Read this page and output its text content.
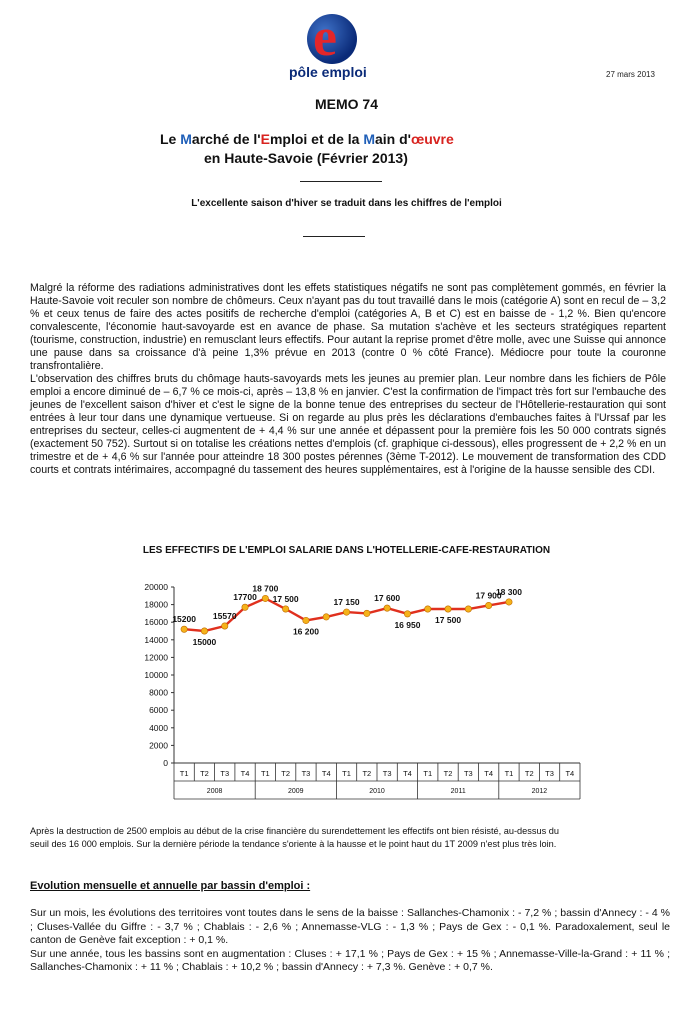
e
pôle emploi	27 mars 2013
MEMO 74
Le Marché de l'Emploi et de la Main d'œuvre
en Haute-Savoie (Février 2013)
L'excellente saison d'hiver se traduit dans les chiffres de l'emploi

Malgré la réforme des radiations administratives dont les effets statistiques négatifs ne sont pas complètement gommés, en février la Haute-Savoie voit reculer son nombre de chômeurs. Ceux n'ayant pas du tout travaillé dans le mois (catégorie A) sont en recul de – 3,2 % et ceux tenus de faire des actes positifs de recherche d'emploi (catégories A, B et C) est en baisse de - 1,2 %. Bien qu'encore convalescente, l'économie haut-savoyarde est en avance de phase. Sa mutation s'achève et les secteurs stratégiques repartent (tourisme, construction, industrie) en remusclant leurs effectifs. Pour autant la reprise promet d'être molle, avec une Suisse qui annonce une pause dans sa croissance d'à peine 1,3% prévue en 2013 (contre 0 % côté France). Médiocre pour toute la couronne transfrontalière.

L'observation des chiffres bruts du chômage hauts-savoyards mets les jeunes au premier plan. Leur nombre dans les fichiers de Pôle emploi a encore diminué de – 6,7 % ce mois-ci, après – 13,8 % en janvier. C'est la confirmation de l'impact très fort sur l'embauche des jeunes de l'excellent saison d'hiver et c'est le signe de la bonne tenue des entreprises du secteur de l'Hôtellerie-restauration qui sont entrées à leur tour dans une dynamique vertueuse. Si on regarde au plus près les déclarations d'embauches faites à l'Urssaf par les entreprises du secteur, celles-ci augmentent de + 4,4 % sur une année et dépassent pour la première fois les 50 000 contrats signés (exactement 50 752). Surtout si on totalise les créations nettes d'emplois (cf. graphique ci-dessous), elles progressent de + 2,2 % en un trimestre et de + 4,6 % sur l'année pour atteindre 18 300 postes pérennes (3ème T-2012). Le mouvement de transformation des CDD courts et contrats intérimaires, accompagné du tassement des heures supplémentaires, est à l'origine de la hausse sensible des CDI.

LES EFFECTIFS DE L'EMPLOI SALARIE DANS L'HOTELLERIE-CAFE-RESTAURATION
0
2000
4000
6000
8000
10000
12000
14000
16000
18000
20000
T1 T2 T3 T4 T1 T2 T3 T4 T1 T2 T3 T4 T1 T2 T3 T4 T1 T2 T3 T4
2008	2009	2010	2011	2012
15200
15000
15570
17700
18 700
17 500
16 200
17 150 17 600
16 950 17 500
17 900
18 300

Après la destruction de 2500 emplois au début de la crise financière du surendettement les effectifs ont bien résisté, au-dessus du

seuil des 16 000 emplois. Sur la dernière période la tendance s'oriente à la hausse et le point haut du 1T 2009 n'est plus très loin.

Evolution mensuelle et annuelle par bassin d'emploi :

Sur un mois, les évolutions des territoires vont toutes dans le sens de la baisse : Sallanches-Chamonix : - 7,2 % ; bassin d'Annecy : - 4 % ; Cluses-Vallée du Giffre : - 3,7 % ; Chablais : - 2,6 % ; Annemasse-VLG : - 1,3 % ; Pays de Gex : - 0,1 %. Paradoxalement, seul le canton de Genève fait exception : + 0,1 %.

Sur une année, tous les bassins sont en augmentation : Cluses : + 17,1 % ; Pays de Gex : + 15 % ; Annemasse-Ville-la-Grand : + 11 % ; Sallanches-Chamonix : + 11 % ; Chablais : + 10,2 % ; bassin d'Annecy : + 7,3 %. Genève : + 0,7 %.
